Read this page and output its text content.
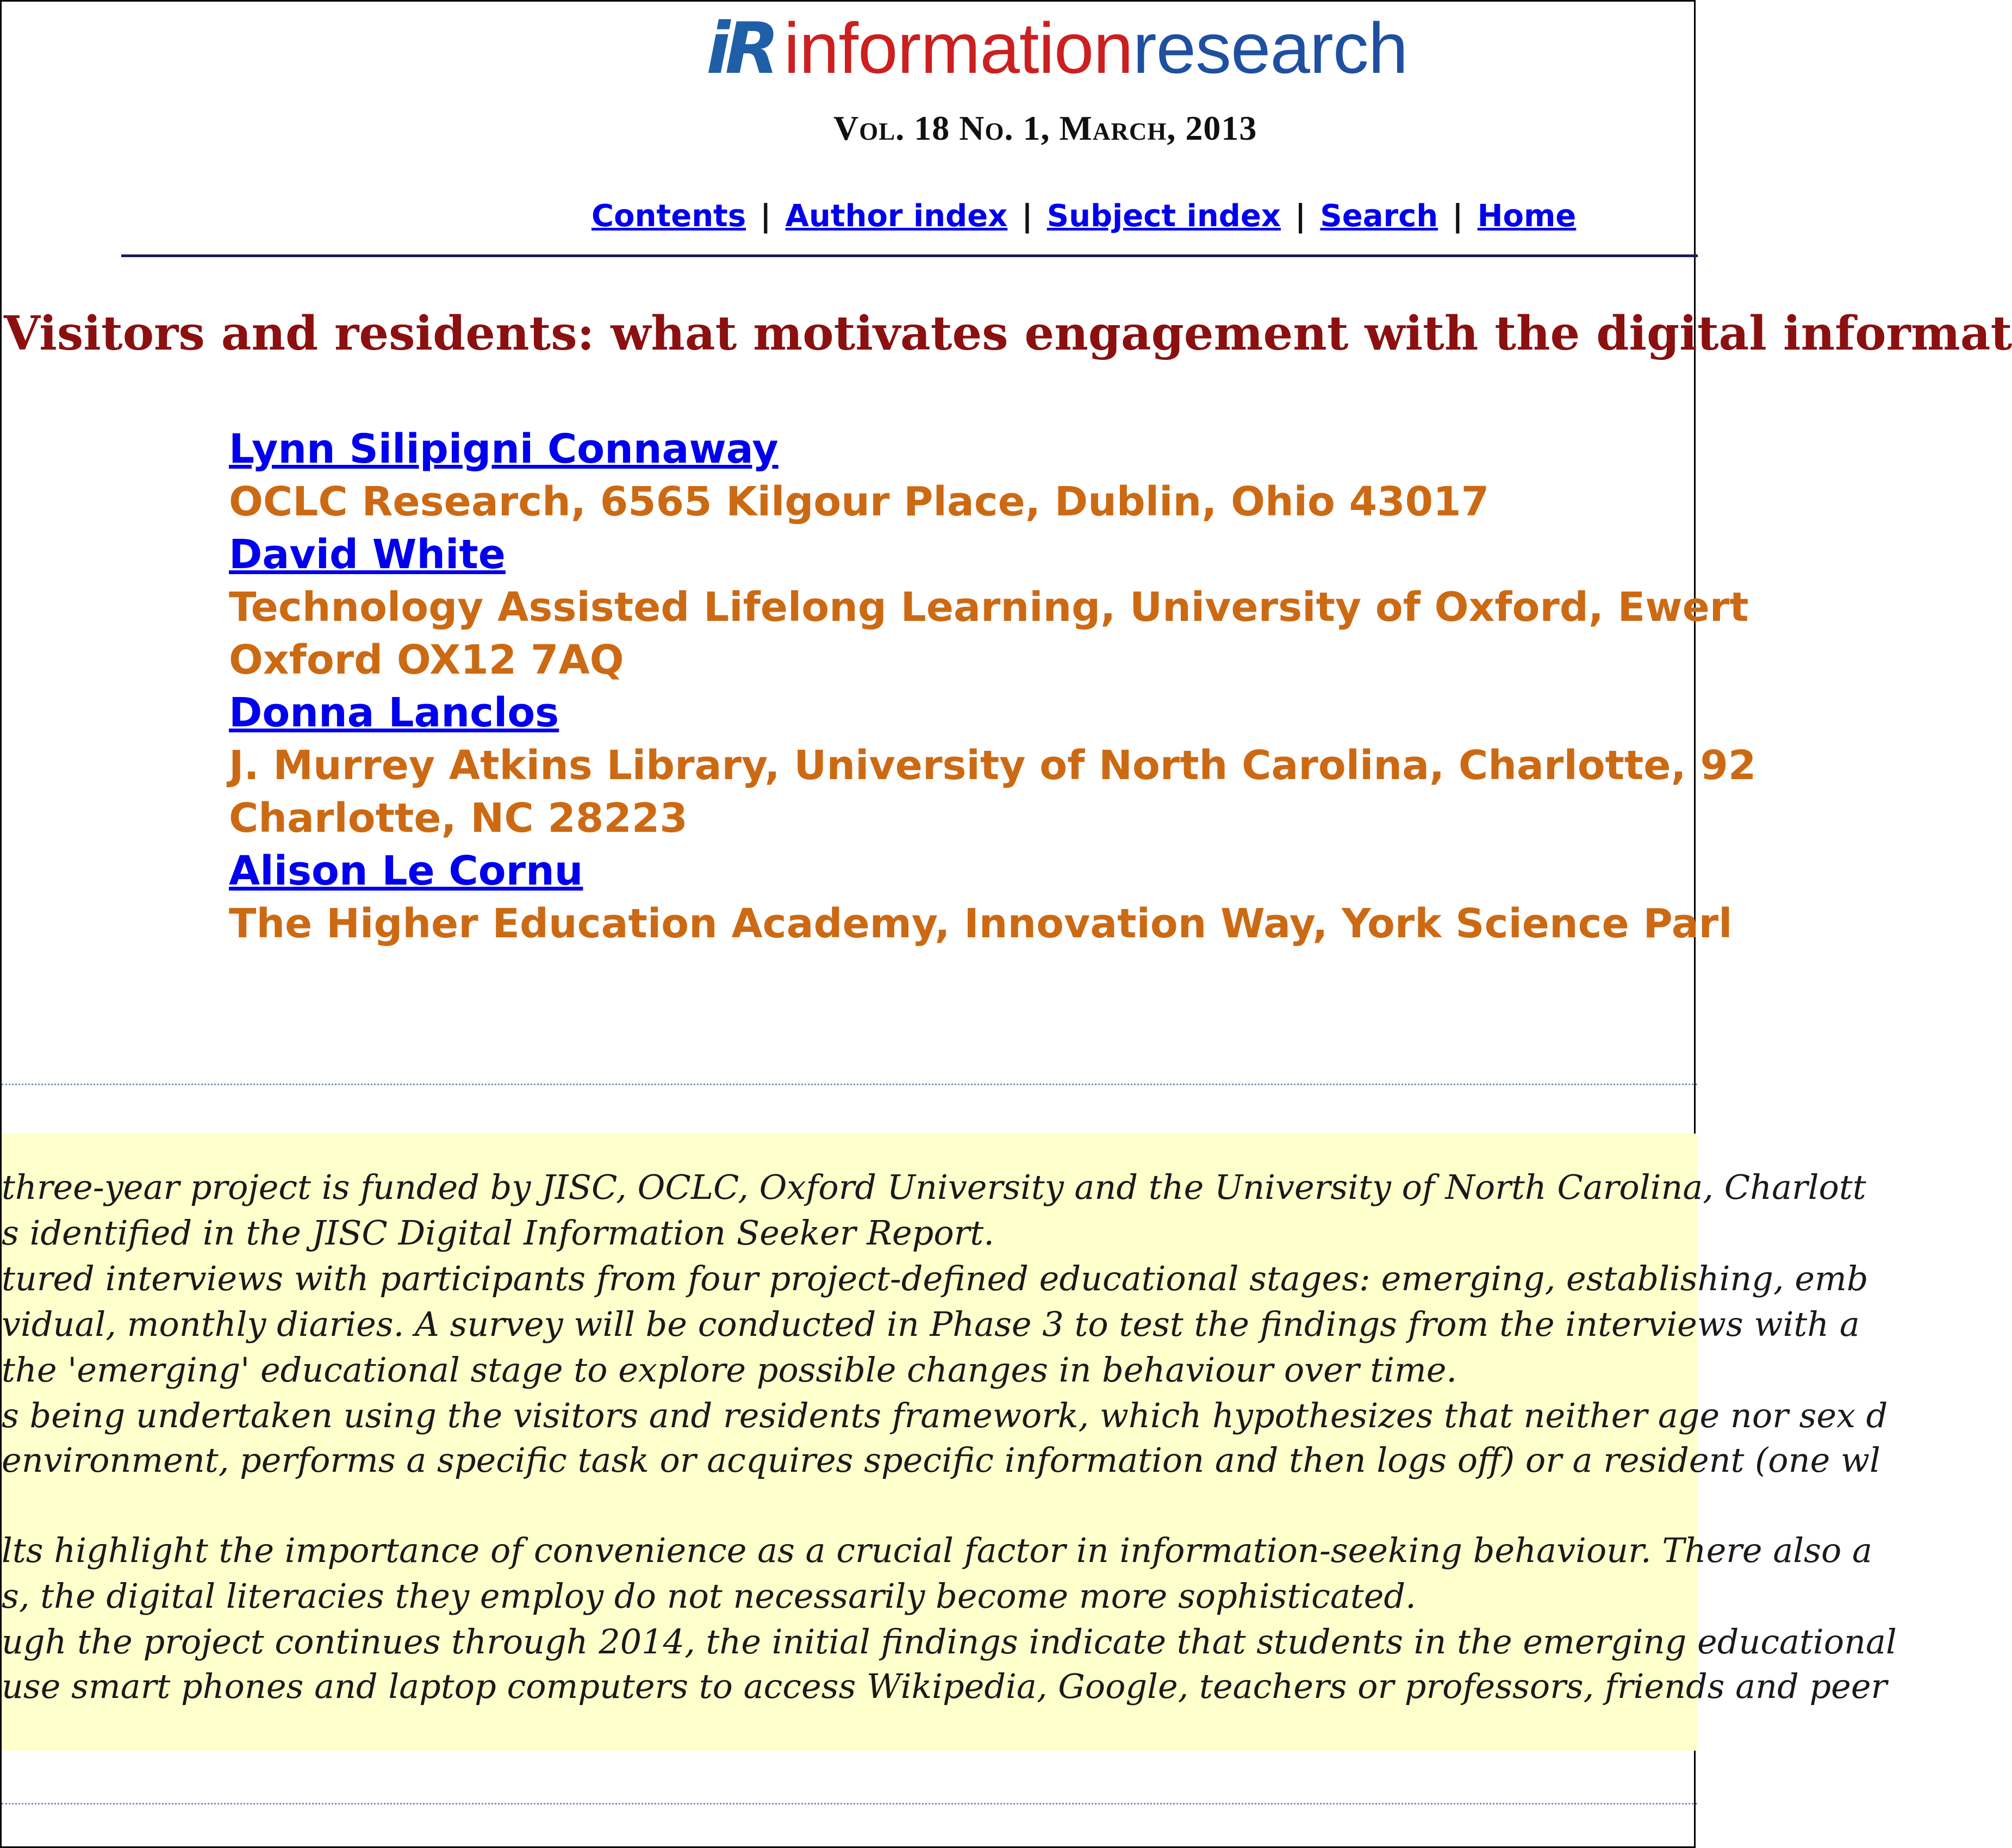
iR informationresearch
Vol. 18 No. 1, March, 2013
Contents | Author index | Subject index | Search | Home
Visitors and residents: what motivates engagement with the digital informat
Lynn Silipigni Connaway
OCLC Research, 6565 Kilgour Place, Dublin, Ohio 43017
David White
Technology Assisted Lifelong Learning, University of Oxford, Ewert
Oxford OX12 7AQ
Donna Lanclos
J. Murrey Atkins Library, University of North Carolina, Charlotte, 92
Charlotte, NC 28223
Alison Le Cornu
The Higher Education Academy, Innovation Way, York Science Parl
three-year project is funded by JISC, OCLC, Oxford University and the University of North Carolina, Charlott
s identified in the JISC Digital Information Seeker Report.
tured interviews with participants from four project-defined educational stages: emerging, establishing, emb
vidual, monthly diaries. A survey will be conducted in Phase 3 to test the findings from the interviews with a
the 'emerging' educational stage to explore possible changes in behaviour over time.
s being undertaken using the visitors and residents framework, which hypothesizes that neither age nor sex d
environment, performs a specific task or acquires specific information and then logs off) or a resident (one wl
lts highlight the importance of convenience as a crucial factor in information-seeking behaviour. There also a
s, the digital literacies they employ do not necessarily become more sophisticated.
ugh the project continues through 2014, the initial findings indicate that students in the emerging educational
use smart phones and laptop computers to access Wikipedia, Google, teachers or professors, friends and peer
